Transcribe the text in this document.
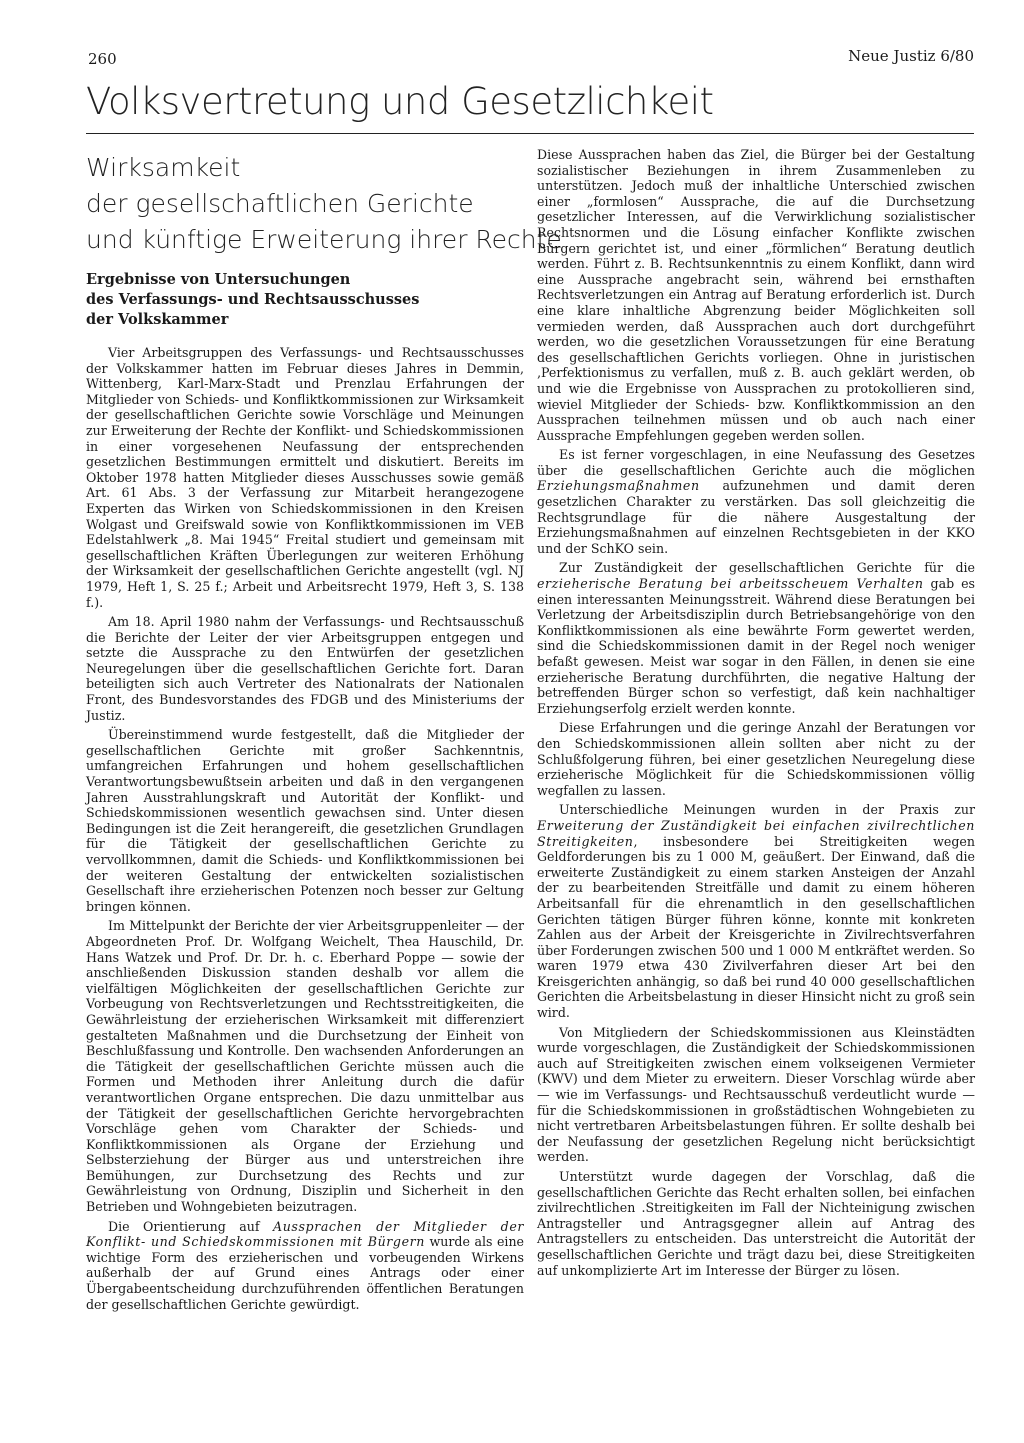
260	Neue Justiz 6/80
Volksvertretung und Gesetzlichkeit
Wirksamkeit
der gesellschaftlichen Gerichte
und künftige Erweiterung ihrer Rechte
Ergebnisse von Untersuchungen
des Verfassungs- und Rechtsausschusses
der Volkskammer

Vier Arbeitsgruppen des Verfassungs- und Rechtsausschusses der Volkskammer hatten im Februar dieses Jahres in Demmin, Wittenberg, Karl-Marx-Stadt und Prenzlau Erfahrungen der Mitglieder von Schieds- und Konfliktkommissionen zur Wirksamkeit der gesellschaftlichen Gerichte sowie Vorschläge und Meinungen zur Erweiterung der Rechte der Konflikt- und Schiedskommissionen in einer vorgesehenen Neufassung der entsprechenden gesetzlichen Bestimmungen ermittelt und diskutiert. Bereits im Oktober 1978 hatten Mitglieder dieses Ausschusses sowie gemäß Art. 61 Abs. 3 der Verfassung zur Mitarbeit herangezogene Experten das Wirken von Schiedskommissionen in den Kreisen Wolgast und Greifswald sowie von Konfliktkommissionen im VEB Edelstahlwerk „8. Mai 1945“ Freital studiert und gemeinsam mit gesellschaftlichen Kräften Überlegungen zur weiteren Erhöhung der Wirksamkeit der gesellschaftlichen Gerichte angestellt (vgl. NJ 1979, Heft 1, S. 25 f.; Arbeit und Arbeitsrecht 1979, Heft 3, S. 138 f.).

Am 18. April 1980 nahm der Verfassungs- und Rechtsausschuß die Berichte der Leiter der vier Arbeitsgruppen entgegen und setzte die Aussprache zu den Entwürfen der gesetzlichen Neuregelungen über die gesellschaftlichen Gerichte fort. Daran beteiligten sich auch Vertreter des Nationalrats der Nationalen Front, des Bundesvorstandes des FDGB und des Ministeriums der Justiz.

Übereinstimmend wurde festgestellt, daß die Mitglieder der gesellschaftlichen Gerichte mit großer Sachkenntnis, umfangreichen Erfahrungen und hohem gesellschaftlichen Verantwortungsbewußtsein arbeiten und daß in den vergangenen Jahren Ausstrahlungskraft und Autorität der Konflikt- und Schiedskommissionen wesentlich gewachsen sind. Unter diesen Bedingungen ist die Zeit herangereift, die gesetzlichen Grundlagen für die Tätigkeit der gesellschaftlichen Gerichte zu vervollkommnen, damit die Schieds- und Konfliktkommissionen bei der weiteren Gestaltung der entwickelten sozialistischen Gesellschaft ihre erzieherischen Potenzen noch besser zur Geltung bringen können.

Im Mittelpunkt der Berichte der vier Arbeitsgruppenleiter — der Abgeordneten Prof. Dr. Wolfgang Weichelt, Thea Hauschild, Dr. Hans Watzek und Prof. Dr. Dr. h. c. Eberhard Poppe — sowie der anschließenden Diskussion standen deshalb vor allem die vielfältigen Möglichkeiten der gesellschaftlichen Gerichte zur Vorbeugung von Rechtsverletzungen und Rechtsstreitigkeiten, die Gewährleistung der erzieherischen Wirksamkeit mit differenziert gestalteten Maßnahmen und die Durchsetzung der Einheit von Beschlußfassung und Kontrolle. Den wachsenden Anforderungen an die Tätigkeit der gesellschaftlichen Gerichte müssen auch die Formen und Methoden ihrer Anleitung durch die dafür verantwortlichen Organe entsprechen. Die dazu unmittelbar aus der Tätigkeit der gesellschaftlichen Gerichte hervorgebrachten Vorschläge gehen vom Charakter der Schieds- und Konfliktkommissionen als Organe der Erziehung und Selbsterziehung der Bürger aus und unterstreichen ihre Bemühungen, zur Durchsetzung des Rechts und zur Gewährleistung von Ordnung, Disziplin und Sicherheit in den Betrieben und Wohngebieten beizutragen.

Die Orientierung auf Aussprachen der Mitglieder der Konflikt- und Schiedskommissionen mit Bürgern wurde als eine wichtige Form des erzieherischen und vorbeugenden Wirkens außerhalb der auf Grund eines Antrags oder einer Übergabeentscheidung durchzuführenden öffentlichen Beratungen der gesellschaftlichen Gerichte gewürdigt.

Diese Aussprachen haben das Ziel, die Bürger bei der Gestaltung sozialistischer Beziehungen in ihrem Zusammenleben zu unterstützen. Jedoch muß der inhaltliche Unterschied zwischen einer „formlosen“ Aussprache, die auf die Durchsetzung gesetzlicher Interessen, auf die Verwirklichung sozialistischer Rechtsnormen und die Lösung einfacher Konflikte zwischen Bürgern gerichtet ist, und einer „förmlichen“ Beratung deutlich werden. Führt z. B. Rechtsunkenntnis zu einem Konflikt, dann wird eine Aussprache angebracht sein, während bei ernsthaften Rechtsverletzungen ein Antrag auf Beratung erforderlich ist. Durch eine klare inhaltliche Abgrenzung beider Möglichkeiten soll vermieden werden, daß Aussprachen auch dort durchgeführt werden, wo die gesetzlichen Voraussetzungen für eine Beratung des gesellschaftlichen Gerichts vorliegen. Ohne in juristischen ‚Perfektionismus zu verfallen, muß z. B. auch geklärt werden, ob und wie die Ergebnisse von Aussprachen zu protokollieren sind, wieviel Mitglieder der Schieds- bzw. Konfliktkommission an den Aussprachen teilnehmen müssen und ob auch nach einer Aussprache Empfehlungen gegeben werden sollen.

Es ist ferner vorgeschlagen, in eine Neufassung des Gesetzes über die gesellschaftlichen Gerichte auch die möglichen Erziehungsmaßnahmen aufzunehmen und damit deren gesetzlichen Charakter zu verstärken. Das soll gleichzeitig die Rechtsgrundlage für die nähere Ausgestaltung der Erziehungsmaßnahmen auf einzelnen Rechtsgebieten in der KKO und der SchKO sein.

Zur Zuständigkeit der gesellschaftlichen Gerichte für die erzieherische Beratung bei arbeitsscheuem Verhalten gab es einen interessanten Meinungsstreit. Während diese Beratungen bei Verletzung der Arbeitsdisziplin durch Betriebsangehörige von den Konfliktkommissionen als eine bewährte Form gewertet werden, sind die Schiedskommissionen damit in der Regel noch weniger befaßt gewesen. Meist war sogar in den Fällen, in denen sie eine erzieherische Beratung durchführten, die negative Haltung der betreffenden Bürger schon so verfestigt, daß kein nachhaltiger Erziehungserfolg erzielt werden konnte.

Diese Erfahrungen und die geringe Anzahl der Beratungen vor den Schiedskommissionen allein sollten aber nicht zu der Schlußfolgerung führen, bei einer gesetzlichen Neuregelung diese erzieherische Möglichkeit für die Schiedskommissionen völlig wegfallen zu lassen.

Unterschiedliche Meinungen wurden in der Praxis zur Erweiterung der Zuständigkeit bei einfachen zivilrechtlichen Streitigkeiten, insbesondere bei Streitigkeiten wegen Geldforderungen bis zu 1 000 M, geäußert. Der Einwand, daß die erweiterte Zuständigkeit zu einem starken Ansteigen der Anzahl der zu bearbeitenden Streitfälle und damit zu einem höheren Arbeitsanfall für die ehrenamtlich in den gesellschaftlichen Gerichten tätigen Bürger führen könne, konnte mit konkreten Zahlen aus der Arbeit der Kreisgerichte in Zivilrechtsverfahren über Forderungen zwischen 500 und 1 000 M entkräftet werden. So waren 1979 etwa 430 Zivilverfahren dieser Art bei den Kreisgerichten anhängig, so daß bei rund 40 000 gesellschaftlichen Gerichten die Arbeitsbelastung in dieser Hinsicht nicht zu groß sein wird.

Von Mitgliedern der Schiedskommissionen aus Kleinstädten wurde vorgeschlagen, die Zuständigkeit der Schiedskommissionen auch auf Streitigkeiten zwischen einem volkseigenen Vermieter (KWV) und dem Mieter zu erweitern. Dieser Vorschlag würde aber — wie im Verfassungs- und Rechtsausschuß verdeutlicht wurde — für die Schiedskommissionen in großstädtischen Wohngebieten zu nicht vertretbaren Arbeitsbelastungen führen. Er sollte deshalb bei der Neufassung der gesetzlichen Regelung nicht berücksichtigt werden.

Unterstützt wurde dagegen der Vorschlag, daß die gesellschaftlichen Gerichte das Recht erhalten sollen, bei einfachen zivilrechtlichen .Streitigkeiten im Fall der Nichteinigung zwischen Antragsteller und Antragsgegner allein auf Antrag des Antragstellers zu entscheiden. Das unterstreicht die Autorität der gesellschaftlichen Gerichte und trägt dazu bei, diese Streitigkeiten auf unkomplizierte Art im Interesse der Bürger zu lösen.
